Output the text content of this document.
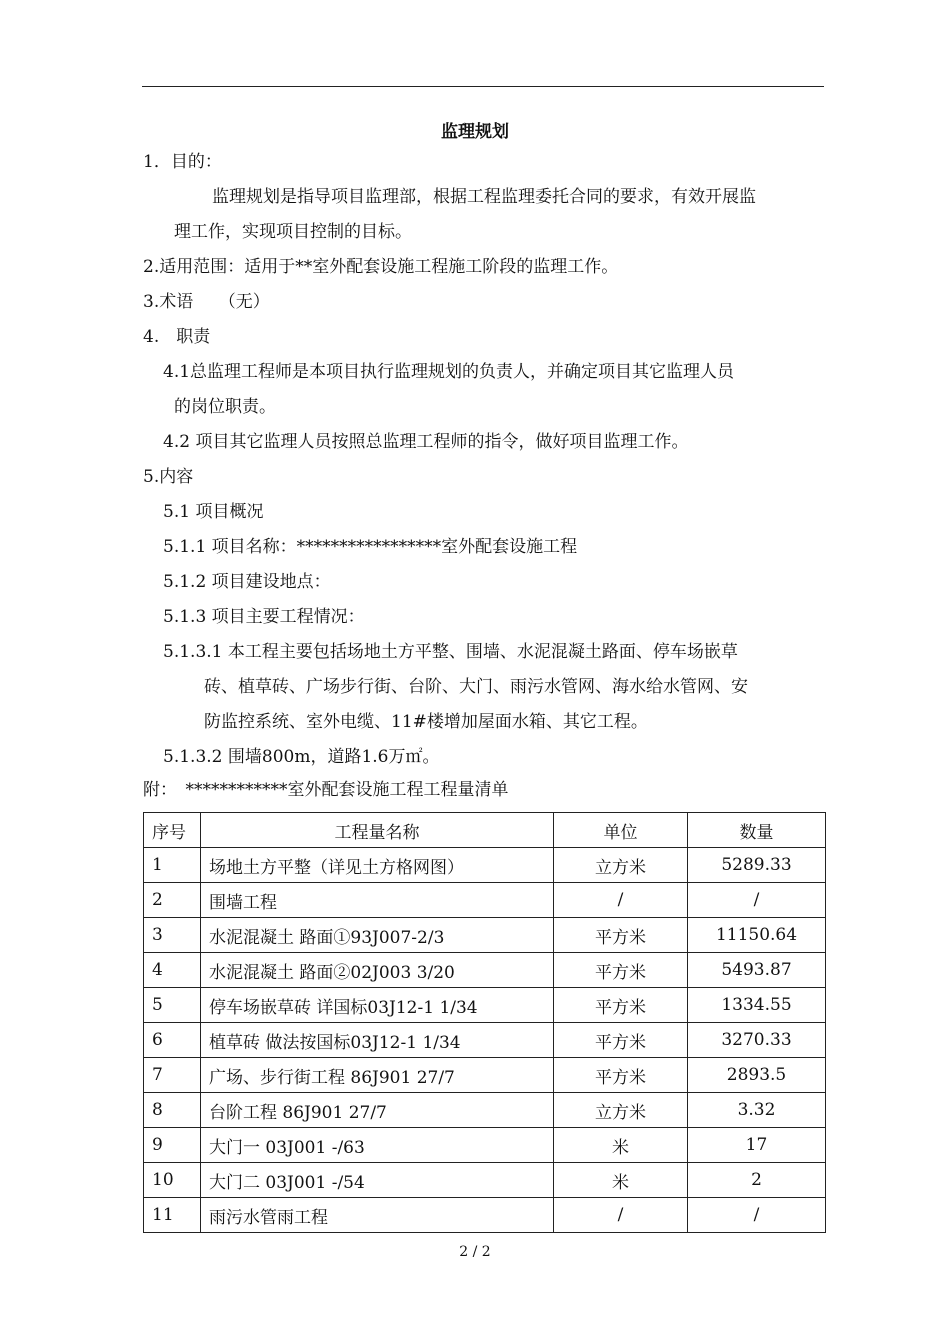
监理规划
1．目的：
监理规划是指导项目监理部，根据工程监理委托合同的要求，有效开展监
理工作，实现项目控制的目标。
2.适用范围：适用于**室外配套设施工程施工阶段的监理工作。
3.术语　　（无）
4.　职责
4.1总监理工程师是本项目执行监理规划的负责人，并确定项目其它监理人员
的岗位职责。
4.2 项目其它监理人员按照总监理工程师的指令，做好项目监理工作。
5.内容
5.1 项目概况
5.1.1 项目名称：*****************室外配套设施工程
5.1.2 项目建设地点：
5.1.3 项目主要工程情况：
5.1.3.1 本工程主要包括场地土方平整、围墙、水泥混凝土路面、停车场嵌草
砖、植草砖、广场步行街、台阶、大门、雨污水管网、海水给水管网、安
防监控系统、室外电缆、11#楼增加屋面水箱、其它工程。
5.1.3.2 围墙800m，道路1.6万㎡。
附：　************室外配套设施工程工程量清单
序号	工程量名称	单位	数量
1	场地土方平整（详见土方格网图）	立方米	5289.33
2	围墙工程	/	/
3	水泥混凝土 路面①93J007-2/3	平方米	11150.64
4	水泥混凝土 路面②02J003 3/20	平方米	5493.87
5	停车场嵌草砖 详国标03J12-1 1/34	平方米	1334.55
6	植草砖 做法按国标03J12-1 1/34	平方米	3270.33
7	广场、步行街工程 86J901 27/7	平方米	2893.5
8	台阶工程 86J901 27/7	立方米	3.32
9	大门一 03J001 -/63	米	17
10	大门二 03J001 -/54	米	2
11	雨污水管雨工程	/	/
2 / 2
